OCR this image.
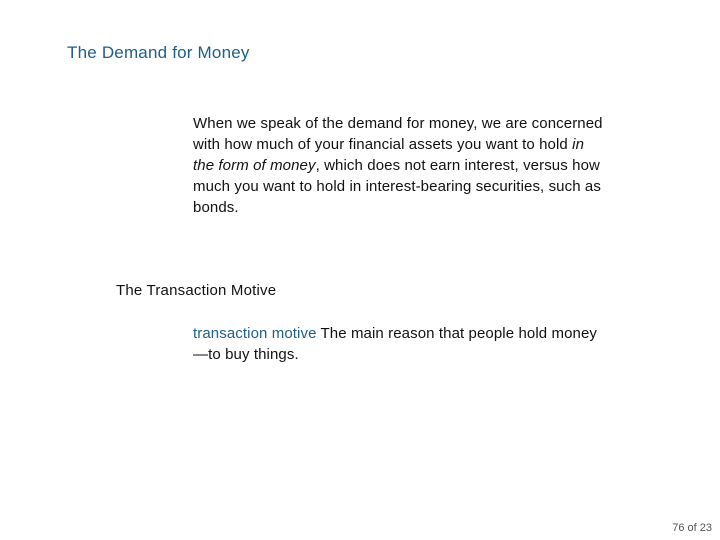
The Demand for Money
When we speak of the demand for money, we are concerned with how much of your financial assets you want to hold in the form of money, which does not earn interest, versus how much you want to hold in interest-bearing securities, such as bonds.
The Transaction Motive
transaction motive The main reason that people hold money—to buy things.
76 of 23
